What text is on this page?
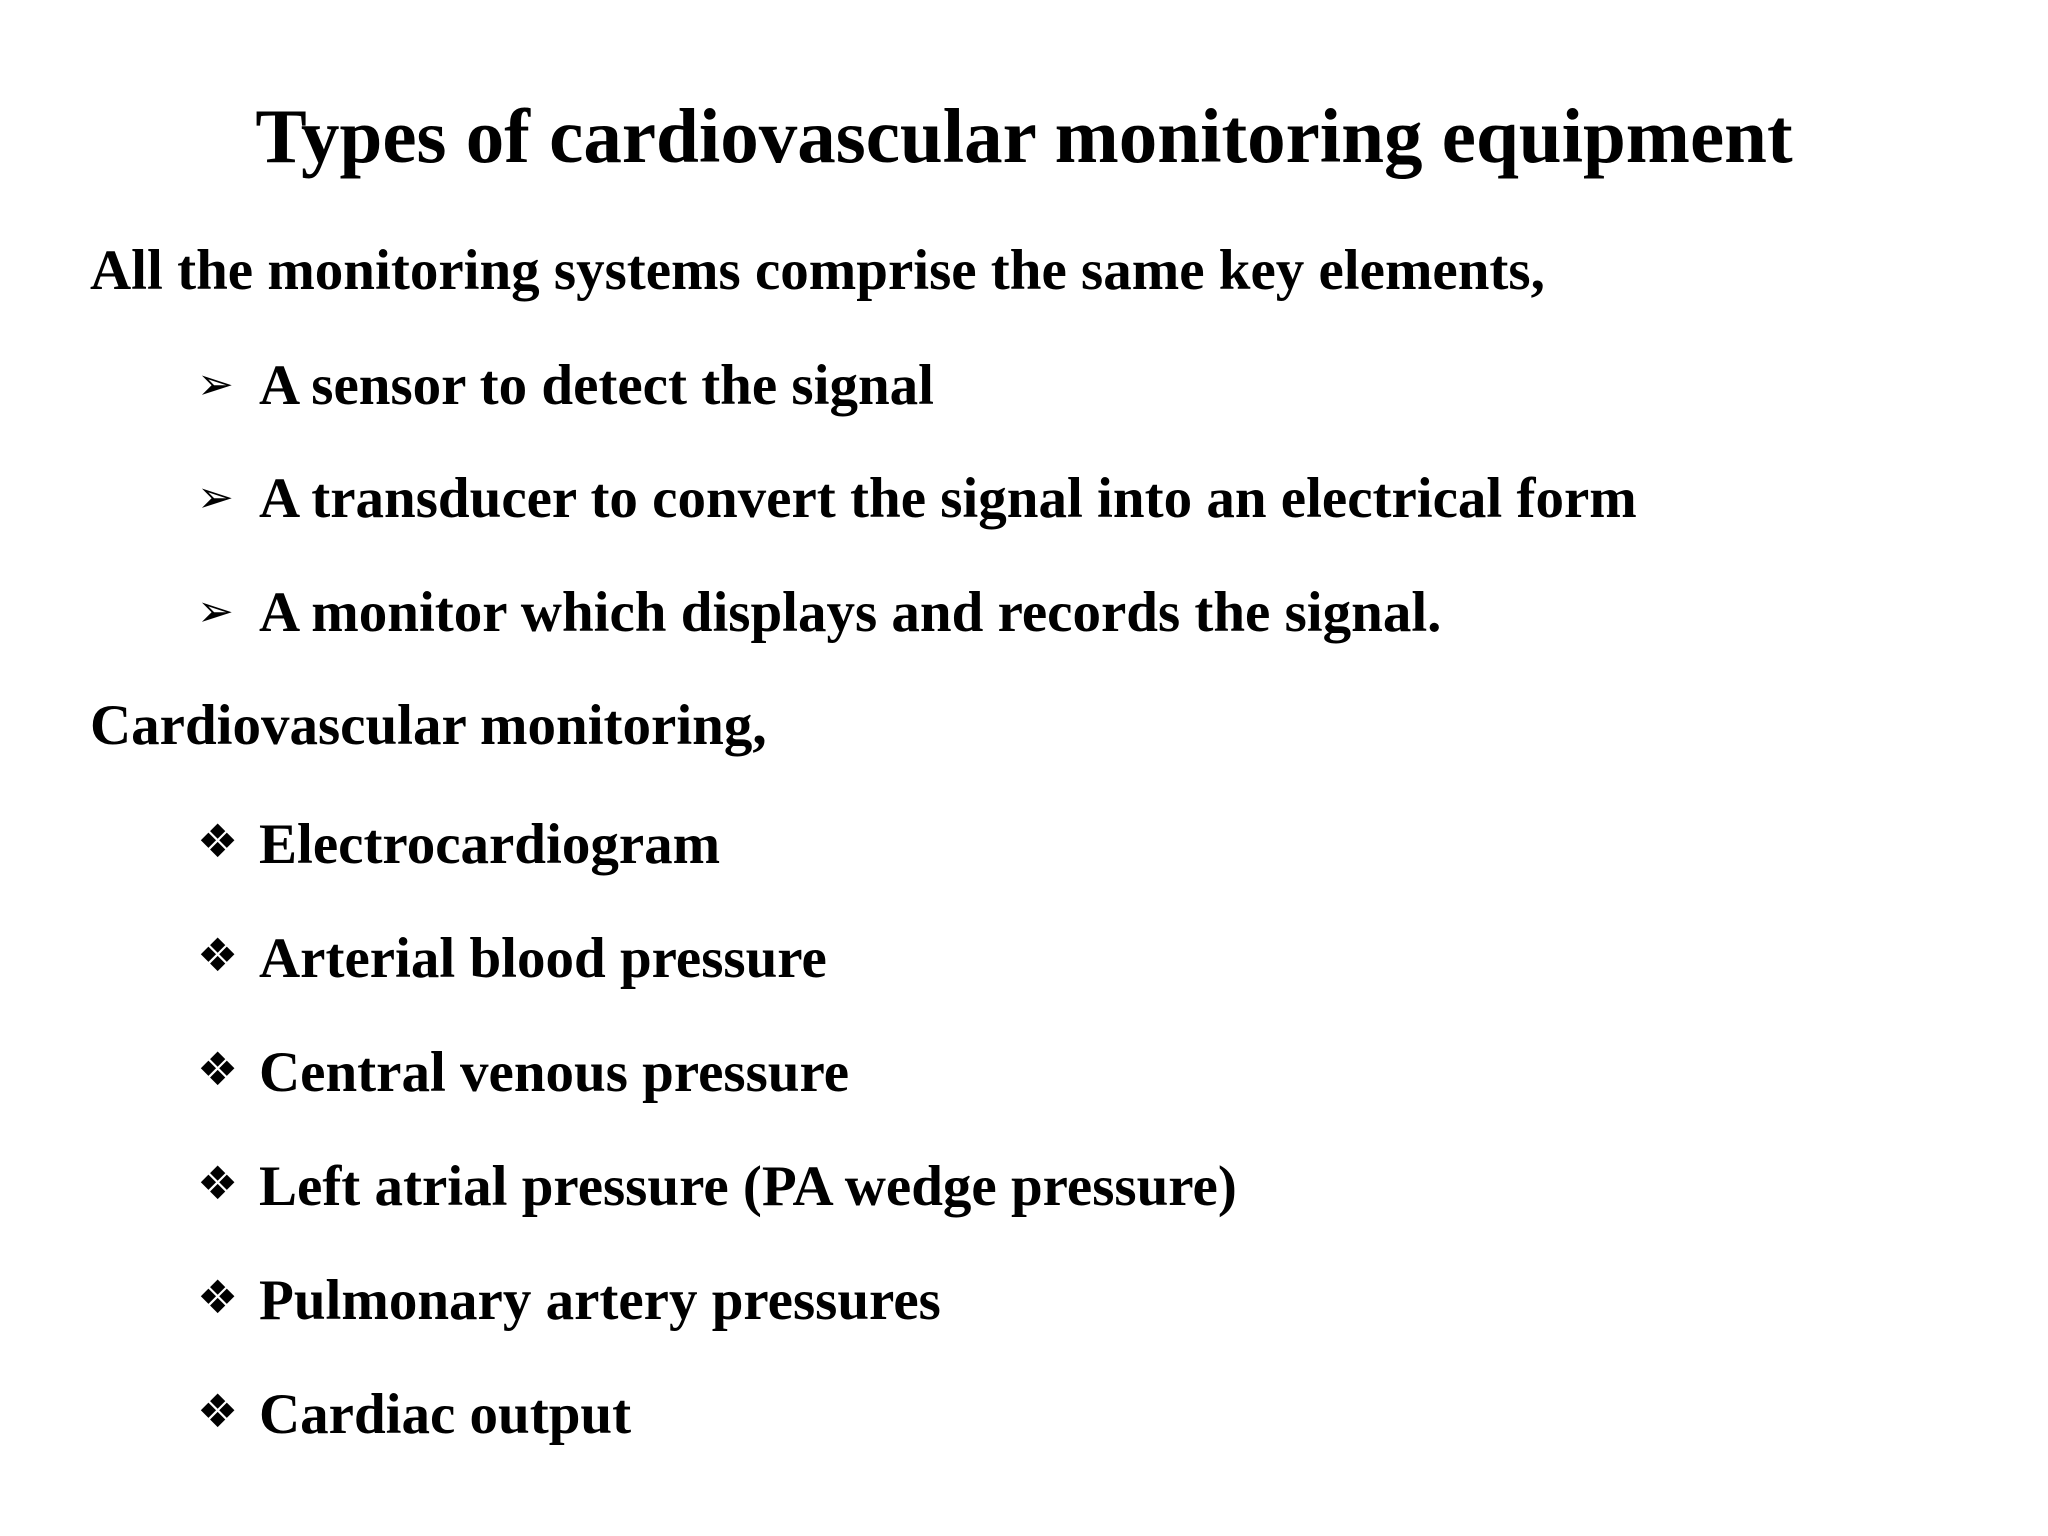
Types of cardiovascular monitoring equipment
All the monitoring systems comprise the same key elements,
➢ A sensor to detect the signal
➢ A transducer to convert the signal into an electrical form
➢ A monitor which displays and records the signal.
Cardiovascular monitoring,
❖ Electrocardiogram
❖ Arterial blood pressure
❖ Central venous pressure
❖ Left atrial pressure (PA wedge pressure)
❖ Pulmonary artery pressures
❖ Cardiac output
